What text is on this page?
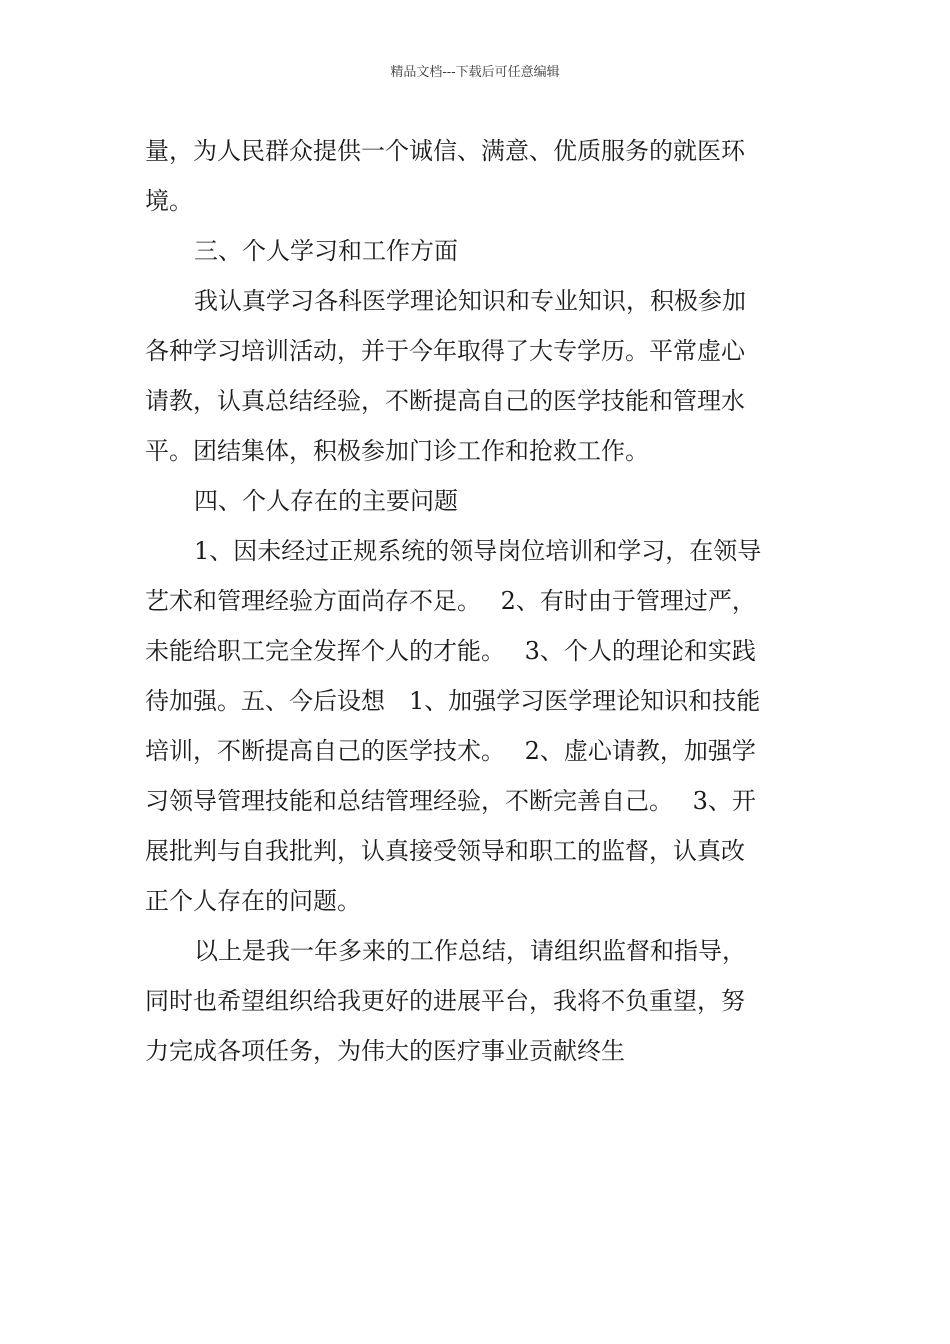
精品文档---下载后可任意编辑
量，为人民群众提供一个诚信、满意、优质服务的就医环
境。
三、个人学习和工作方面
我认真学习各科医学理论知识和专业知识，积极参加
各种学习培训活动，并于今年取得了大专学历。平常虚心
请教，认真总结经验，不断提高自己的医学技能和管理水
平。团结集体，积极参加门诊工作和抢救工作。
四、个人存在的主要问题
1、因未经过正规系统的领导岗位培训和学习，在领导
艺术和管理经验方面尚存不足。　 2、有时由于管理过严，
未能给职工完全发挥个人的才能。　 3、个人的理论和实践
待加强。五、今后设想　1、加强学习医学理论知识和技能
培训，不断提高自己的医学技术。　 2、虚心请教，加强学
习领导管理技能和总结管理经验，不断完善自己。　 3、开
展批判与自我批判，认真接受领导和职工的监督，认真改
正个人存在的问题。
以上是我一年多来的工作总结，请组织监督和指导，
同时也希望组织给我更好的进展平台，我将不负重望，努
力完成各项任务，为伟大的医疗事业贡献终生
